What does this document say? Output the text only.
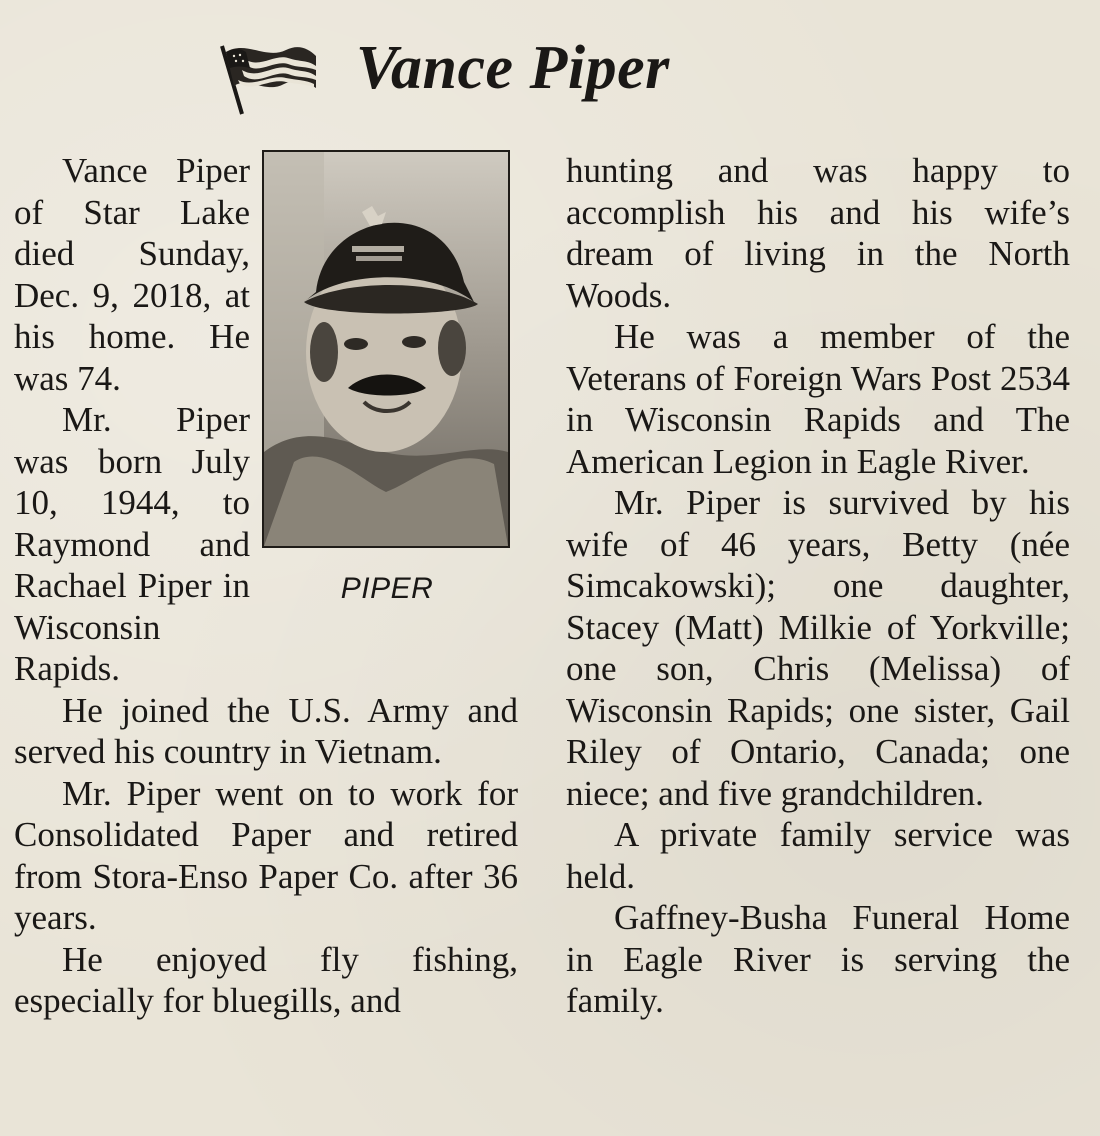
Vance Piper
PIPER

Vance Piper of Star Lake died Sunday, Dec. 9, 2018, at his home. He was 74.

Mr. Piper was born July 10, 1944, to Raymond and Rachael Piper in Wisconsin Rapids.

He joined the U.S. Army and served his country in Vietnam.

Mr. Piper went on to work for Consolidated Paper and retired from Stora-Enso Paper Co. after 36 years.

He enjoyed fly fishing, especially for bluegills, and

hunting and was happy to accomplish his and his wife’s dream of living in the North Woods.

He was a member of the Veterans of Foreign Wars Post 2534 in Wisconsin Rapids and The American Legion in Eagle River.

Mr. Piper is survived by his wife of 46 years, Betty (née Simcakowski); one daughter, Stacey (Matt) Milkie of Yorkville; one son, Chris (Melissa) of Wisconsin Rapids; one sister, Gail Riley of Ontario, Canada; one niece; and five grandchildren.

A private family service was held.

Gaffney-Busha Funeral Home in Eagle River is serving the family.
